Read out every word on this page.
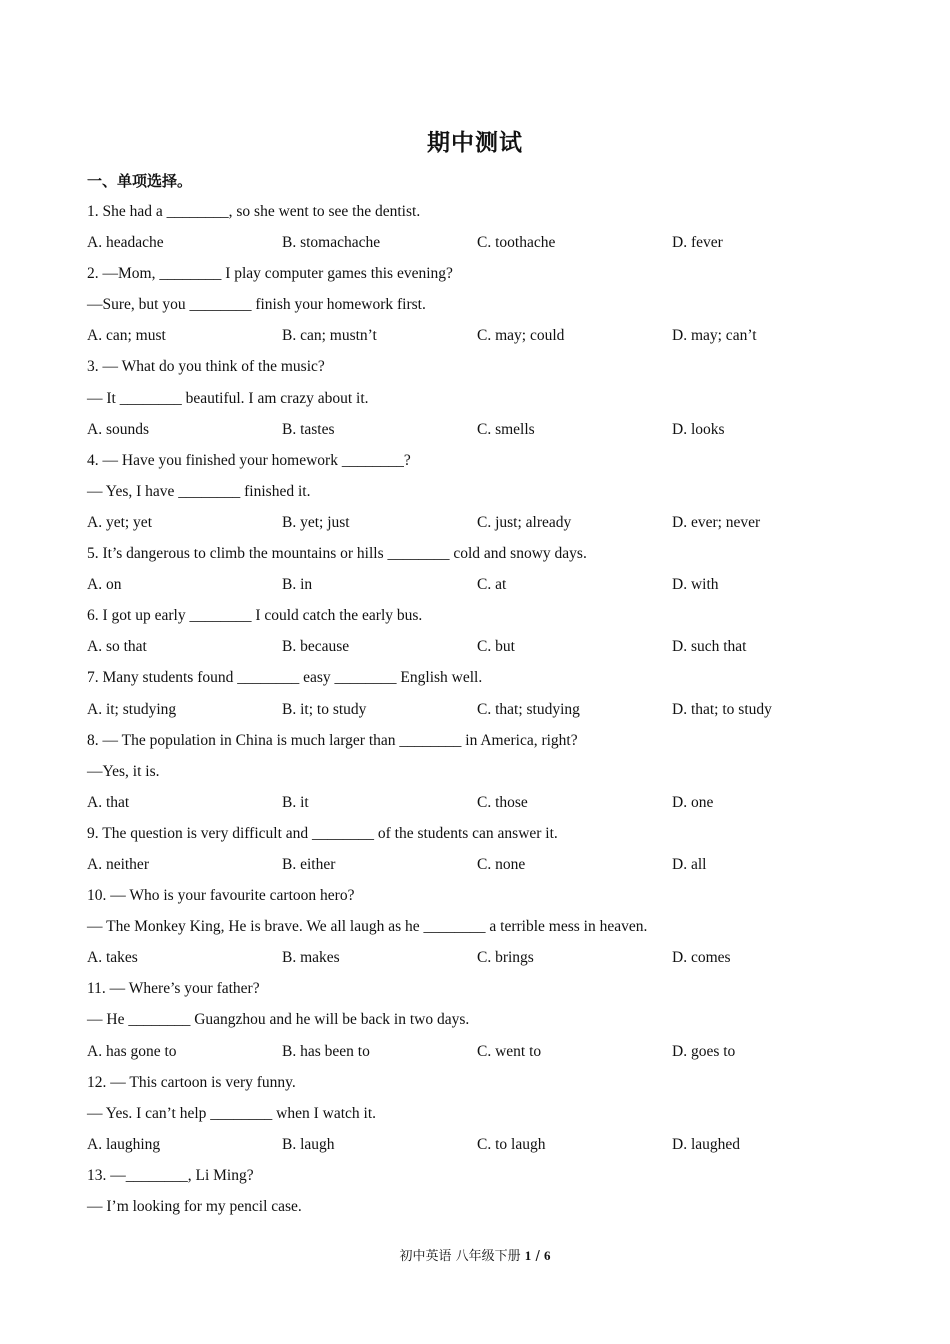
期中测试
一、单项选择。
1. She had a ________, so she went to see the dentist.
A. headache	B. stomachache	C. toothache	D. fever
2. —Mom, ________ I play computer games this evening?
—Sure, but you ________ finish your homework first.
A. can; must	B. can; mustn’t	C. may; could	D. may; can’t
3. — What do you think of the music?
— It ________ beautiful. I am crazy about it.
A. sounds	B. tastes	C. smells	D. looks
4. — Have you finished your homework ________?
— Yes, I have ________ finished it.
A. yet; yet	B. yet; just	C. just; already	D. ever; never
5. It’s dangerous to climb the mountains or hills ________ cold and snowy days.
A. on	B. in	C. at	D. with
6. I got up early ________ I could catch the early bus.
A. so that	B. because	C. but	D. such that
7. Many students found ________ easy ________ English well.
A. it; studying	B. it; to study	C. that; studying	D. that; to study
8. — The population in China is much larger than ________ in America, right?
—Yes, it is.
A. that	B. it	C. those	D. one
9. The question is very difficult and ________ of the students can answer it.
A. neither	B. either	C. none	D. all
10. — Who is your favourite cartoon hero?
— The Monkey King, He is brave. We all laugh as he ________ a terrible mess in heaven.
A. takes	B. makes	C. brings	D. comes
11. — Where’s your father?
— He ________ Guangzhou and he will be back in two days.
A. has gone to	B. has been to	C. went to	D. goes to
12. — This cartoon is very funny.
— Yes. I can’t help ________ when I watch it.
A. laughing	B. laugh	C. to laugh	D. laughed
13. —________, Li Ming?
— I’m looking for my pencil case.
初中英语 八年级下册 1 / 6
